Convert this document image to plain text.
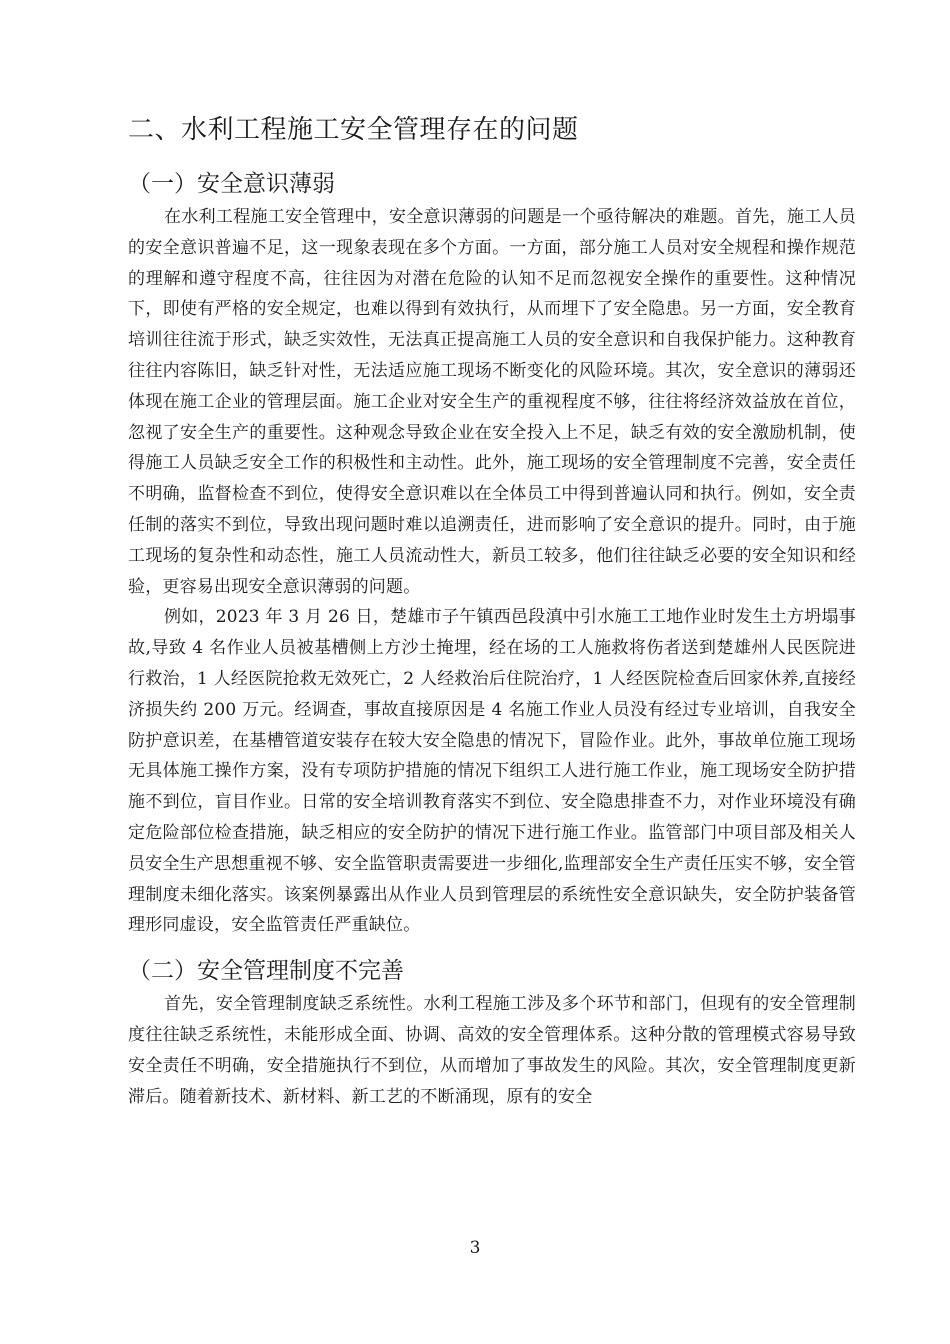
二、水利工程施工安全管理存在的问题
（一）安全意识薄弱

在水利工程施工安全管理中，安全意识薄弱的问题是一个亟待解决的难题。首先，施工人员的安全意识普遍不足，这一现象表现在多个方面。一方面，部分施工人员对安全规程和操作规范的理解和遵守程度不高，往往因为对潜在危险的认知不足而忽视安全操作的重要性。这种情况下，即使有严格的安全规定，也难以得到有效执行，从而埋下了安全隐患。另一方面，安全教育培训往往流于形式，缺乏实效性，无法真正提高施工人员的安全意识和自我保护能力。这种教育往往内容陈旧，缺乏针对性，无法适应施工现场不断变化的风险环境。其次，安全意识的薄弱还体现在施工企业的管理层面。施工企业对安全生产的重视程度不够，往往将经济效益放在首位，忽视了安全生产的重要性。这种观念导致企业在安全投入上不足，缺乏有效的安全激励机制，使得施工人员缺乏安全工作的积极性和主动性。此外，施工现场的安全管理制度不完善，安全责任不明确，监督检查不到位，使得安全意识难以在全体员工中得到普遍认同和执行。例如，安全责任制的落实不到位，导致出现问题时难以追溯责任，进而影响了安全意识的提升。同时，由于施工现场的复杂性和动态性，施工人员流动性大，新员工较多，他们往往缺乏必要的安全知识和经验，更容易出现安全意识薄弱的问题。

例如，2023 年 3 月 26 日，楚雄市子午镇西邑段滇中引水施工工地作业时发生土方坍塌事故,导致 4 名作业人员被基槽侧上方沙土掩埋，经在场的工人施救将伤者送到楚雄州人民医院进行救治，1 人经医院抢救无效死亡，2 人经救治后住院治疗，1 人经医院检查后回家休养,直接经济损失约 200 万元。经调查，事故直接原因是 4 名施工作业人员没有经过专业培训，自我安全防护意识差，在基槽管道安装存在较大安全隐患的情况下，冒险作业。此外，事故单位施工现场无具体施工操作方案，没有专项防护措施的情况下组织工人进行施工作业，施工现场安全防护措施不到位，盲目作业。日常的安全培训教育落实不到位、安全隐患排查不力，对作业环境没有确定危险部位检查措施，缺乏相应的安全防护的情况下进行施工作业。监管部门中项目部及相关人员安全生产思想重视不够、安全监管职责需要进一步细化,监理部安全生产责任压实不够，安全管理制度未细化落实。该案例暴露出从作业人员到管理层的系统性安全意识缺失，安全防护装备管理形同虚设，安全监管责任严重缺位。

（二）安全管理制度不完善

首先，安全管理制度缺乏系统性。水利工程施工涉及多个环节和部门，但现有的安全管理制度往往缺乏系统性，未能形成全面、协调、高效的安全管理体系。这种分散的管理模式容易导致安全责任不明确，安全措施执行不到位，从而增加了事故发生的风险。其次，安全管理制度更新滞后。随着新技术、新材料、新工艺的不断涌现，原有的安全

3
